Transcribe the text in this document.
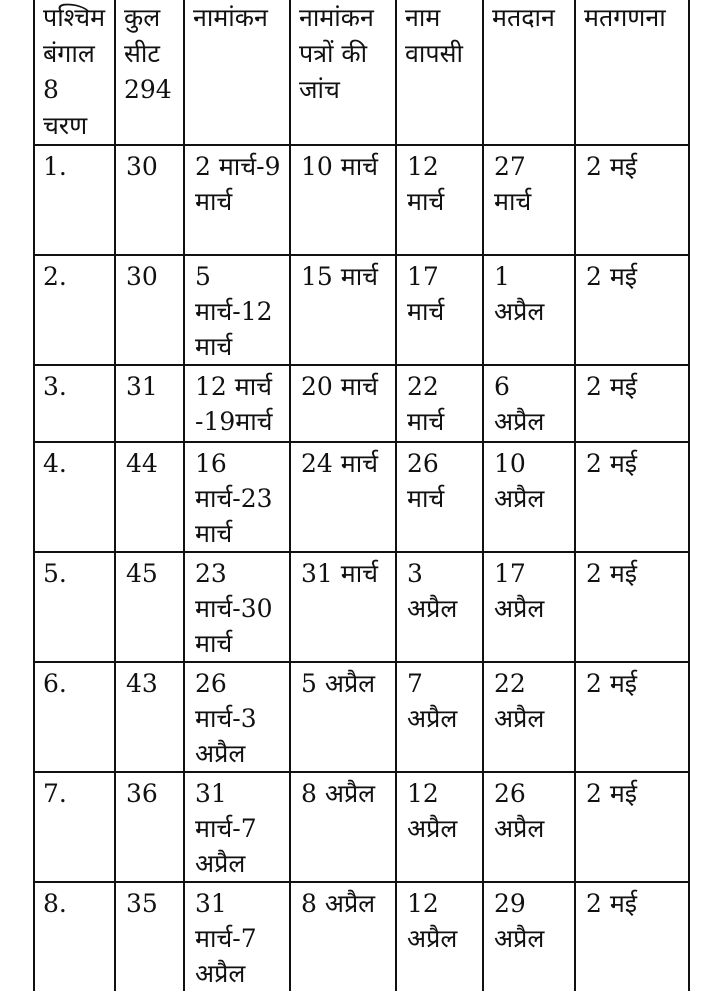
पश्चिम बंगाल 8 चरण	कुल सीट 294	नामांकन	नामांकन पत्रों की जांच	नाम वापसी	मतदान	मतगणना
1.	30	2 मार्च-9 मार्च	10 मार्च	12 मार्च	27 मार्च	2 मई
2.	30	5 मार्च-12 मार्च	15 मार्च	17 मार्च	1 अप्रैल	2 मई
3.	31	12 मार्च -19मार्च	20 मार्च	22 मार्च	6 अप्रैल	2 मई
4.	44	16 मार्च-23 मार्च	24 मार्च	26 मार्च	10 अप्रैल	2 मई
5.	45	23 मार्च-30 मार्च	31 मार्च	3 अप्रैल	17 अप्रैल	2 मई
6.	43	26 मार्च-3 अप्रैल	5 अप्रैल	7 अप्रैल	22 अप्रैल	2 मई
7.	36	31 मार्च-7 अप्रैल	8 अप्रैल	12 अप्रैल	26 अप्रैल	2 मई
8.	35	31 मार्च-7 अप्रैल	8 अप्रैल	12 अप्रैल	29 अप्रैल	2 मई
